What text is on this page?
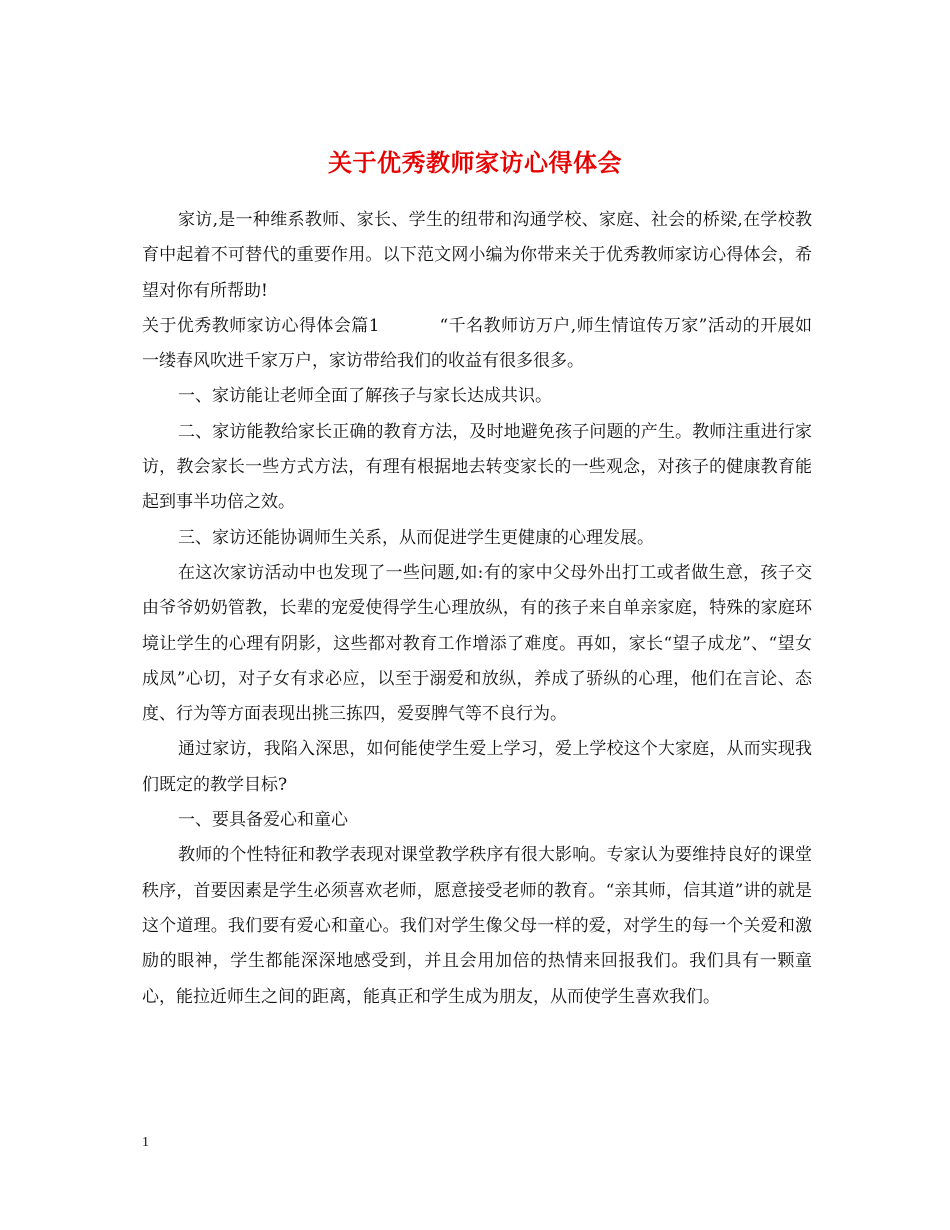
关于优秀教师家访心得体会

家访,是一种维系教师、家长、学生的纽带和沟通学校、家庭、社会的桥梁,在学校教育中起着不可替代的重要作用。以下范文网小编为你带来关于优秀教师家访心得体会，希望对你有所帮助!

关于优秀教师家访心得体会篇1	“千名教师访万户,师生情谊传万家”活动的开展如一缕春风吹进千家万户，家访带给我们的收益有很多很多。

一、家访能让老师全面了解孩子与家长达成共识。

二、家访能教给家长正确的教育方法，及时地避免孩子问题的产生。教师注重进行家访，教会家长一些方式方法，有理有根据地去转变家长的一些观念，对孩子的健康教育能起到事半功倍之效。

三、家访还能协调师生关系，从而促进学生更健康的心理发展。

在这次家访活动中也发现了一些问题,如:有的家中父母外出打工或者做生意，孩子交由爷爷奶奶管教，长辈的宠爱使得学生心理放纵，有的孩子来自单亲家庭，特殊的家庭环境让学生的心理有阴影，这些都对教育工作增添了难度。再如，家长“望子成龙”、“望女成凤”心切，对子女有求必应，以至于溺爱和放纵，养成了骄纵的心理，他们在言论、态度、行为等方面表现出挑三拣四，爱耍脾气等不良行为。

通过家访，我陷入深思，如何能使学生爱上学习，爱上学校这个大家庭，从而实现我们既定的教学目标?

一、要具备爱心和童心

教师的个性特征和教学表现对课堂教学秩序有很大影响。专家认为要维持良好的课堂秩序，首要因素是学生必须喜欢老师，愿意接受老师的教育。“亲其师，信其道”讲的就是这个道理。我们要有爱心和童心。我们对学生像父母一样的爱，对学生的每一个关爱和激励的眼神，学生都能深深地感受到，并且会用加倍的热情来回报我们。我们具有一颗童心，能拉近师生之间的距离，能真正和学生成为朋友，从而使学生喜欢我们。

1
